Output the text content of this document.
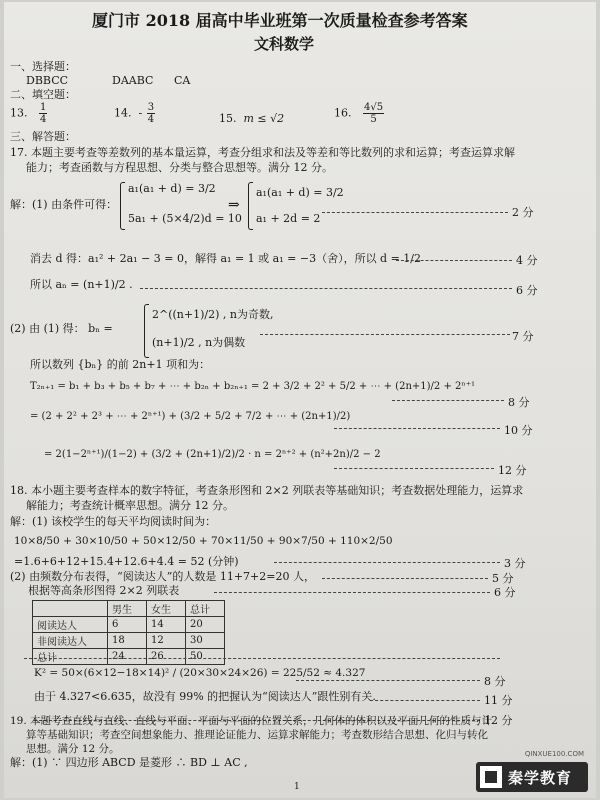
厦门市 2018 届高中毕业班第一次质量检查参考答案
文科数学
一、选择题：
DBBCC	DAABC CA
二、填空题：
13. $\frac{1}{4}$	14. - $\frac{3}{4}$	15. m ≤ √2	16. $\frac{4√5}{5}$
三、解答题：
17. 本题主要考查等差数列的基本量运算，考查分组求和法及等差和等比数列的求和运算；考查运算求解
能力；考查函数与方程思想、分类与整合思想等。满分 12 分。
解：(1) 由条件可得：
a₁(a₁ + d) = 3/2
5a₁ + (5×4/2)d = 10
⇒
a₁(a₁ + d) = 3/2
a₁ + 2d = 2	2 分
消去 d 得：a₁² + 2a₁ − 3 = 0，解得 a₁ = 1 或 a₁ = −3（舍），所以 d = 1/2	4 分
所以 aₙ = (n+1)/2 .	6 分
(2) 由 (1) 得： bₙ =
2^((n+1)/2) , n为奇数,
(n+1)/2 , n为偶数	7 分
所以数列 {bₙ} 的前 2n+1 项和为：
T₂ₙ₊₁ = b₁ + b₃ + b₅ + b₇ + ⋯ + b₂ₙ + b₂ₙ₊₁ = 2 + 3/2 + 2² + 5/2 + ⋯ + (2n+1)/2 + 2ⁿ⁺¹
8 分
= (2 + 2² + 2³ + ⋯ + 2ⁿ⁺¹) + (3/2 + 5/2 + 7/2 + ⋯ + (2n+1)/2)
10 分
= 2(1−2ⁿ⁺¹)/(1−2) + (3/2 + (2n+1)/2)/2 · n = 2ⁿ⁺² + (n²+2n)/2 − 2
12 分
18. 本小题主要考查样本的数字特征，考查条形图和 2×2 列联表等基础知识；考查数据处理能力，运算求
解能力；考查统计概率思想。满分 12 分。
解：(1) 该校学生的每天平均阅读时间为：
10×8/50 + 30×10/50 + 50×12/50 + 70×11/50 + 90×7/50 + 110×2/50
=1.6+6+12+15.4+12.6+4.4 = 52 (分钟)	3 分
(2) 由频数分布表得，“阅读达人”的人数是 11+7+2=20 人，	5 分
根据等高条形图得 2×2 列联表	6 分
	男生	女生	总计
阅读达人	6	14	20
非阅读达人	18	12	30
总计	24	26	50
K² = 50×(6×12−18×14)² / (20×30×24×26) = 225/52 ≈ 4.327
8 分
由于 4.327<6.635，故没有 99% 的把握认为“阅读达人”跟性别有关.	11 分
12 分
19. 本题考查直线与直线、直线与平面、平面与平面的位置关系，几何体的体积以及平面几何的性质与计
算等基础知识；考查空间想象能力、推理论证能力、运算求解能力；考查数形结合思想、化归与转化
思想。满分 12 分。
解：(1) ∵ 四边形 ABCD 是菱形 ∴ BD ⊥ AC ,
1
秦学教育
QINXUE100.COM
